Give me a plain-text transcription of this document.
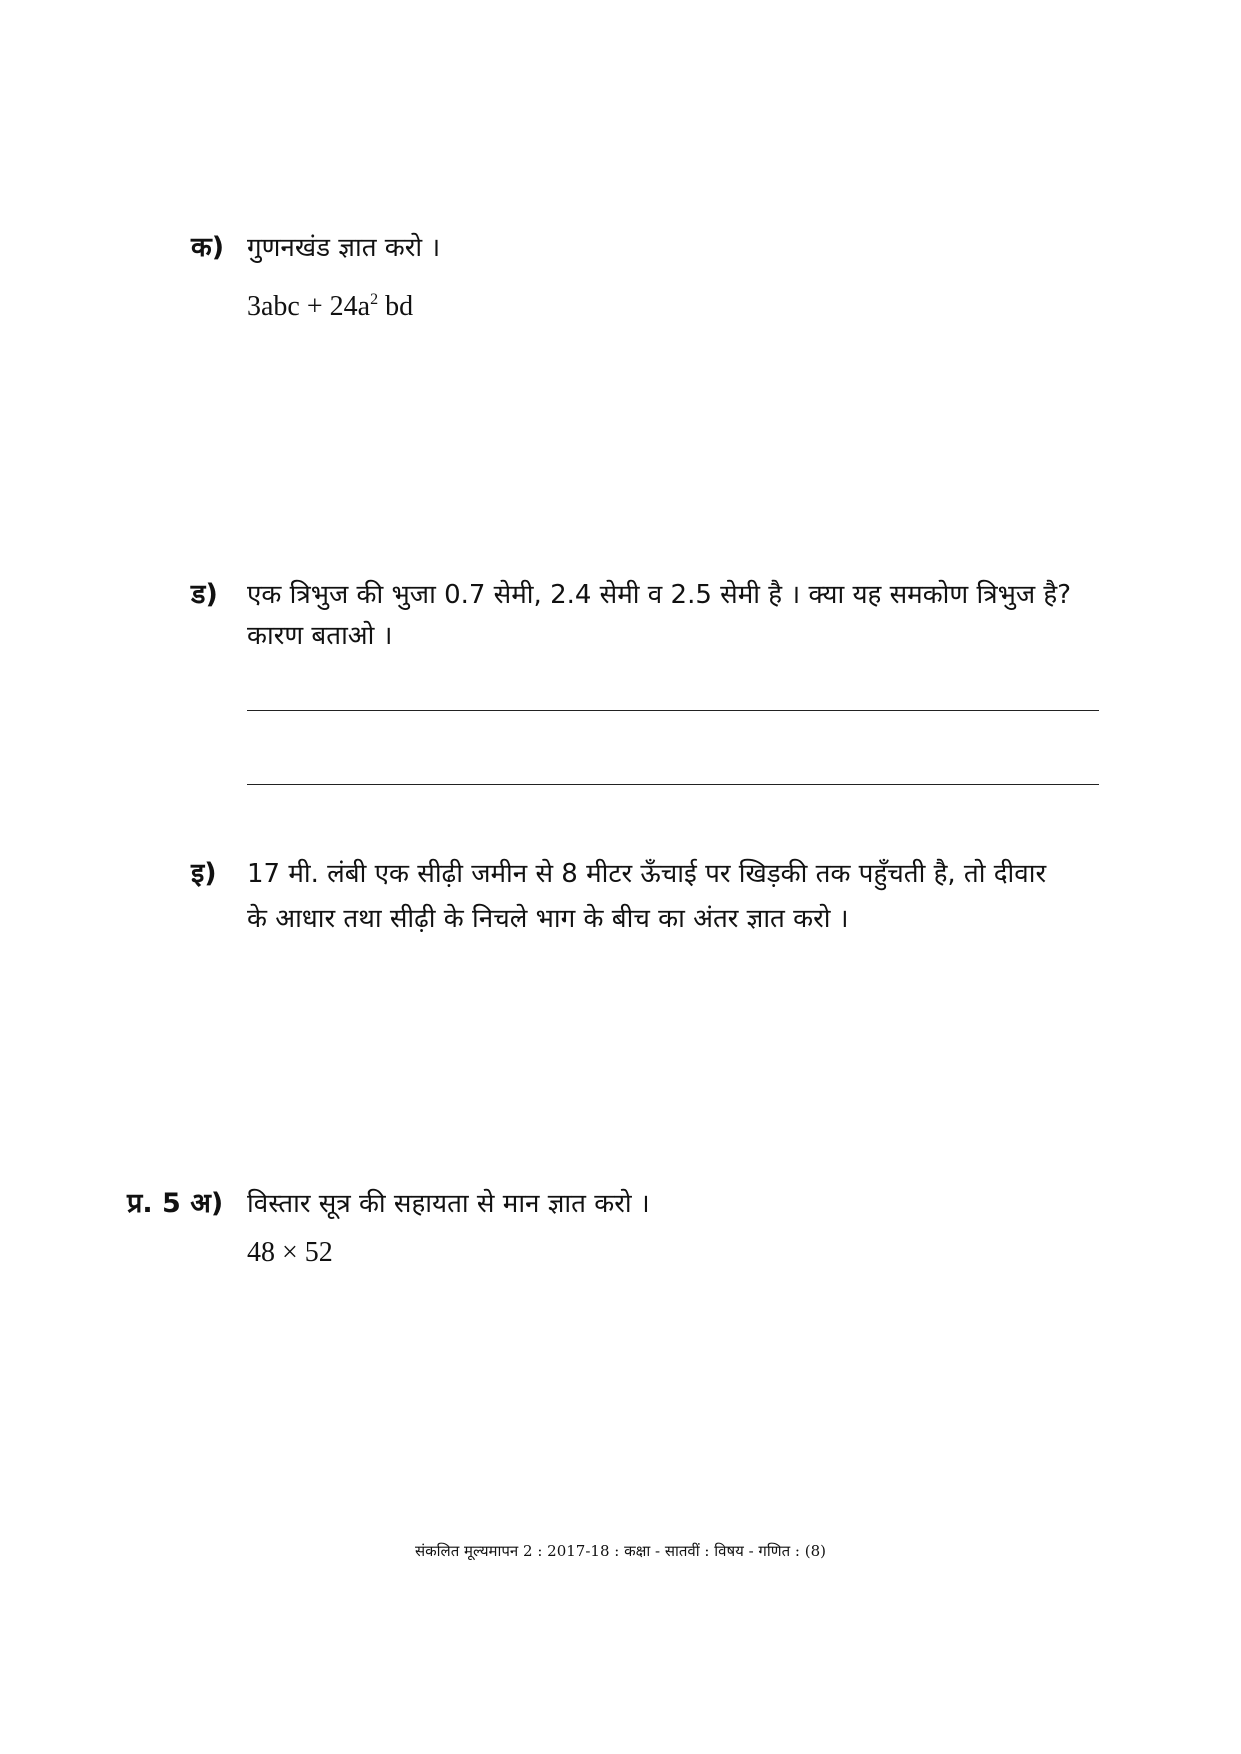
क) गुणनखंड ज्ञात करो ।
$3abc + 24a^2$ bd
ड) एक त्रिभुज की भुजा 0.7 सेमी, 2.4 सेमी व 2.5 सेमी है । क्या यह समकोण त्रिभुज है?
कारण बताओ ।
इ) 17 मी. लंबी एक सीढ़ी जमीन से 8 मीटर ऊँचाई पर खिड़की तक पहुँचती है, तो दीवार
के आधार तथा सीढ़ी के निचले भाग के बीच का अंतर ज्ञात करो ।
प्र. 5 अ) विस्तार सूत्र की सहायता से मान ज्ञात करो ।
48 × 52
संकलित मूल्यमापन 2 : 2017-18 : कक्षा - सातवीं : विषय - गणित : (8)
